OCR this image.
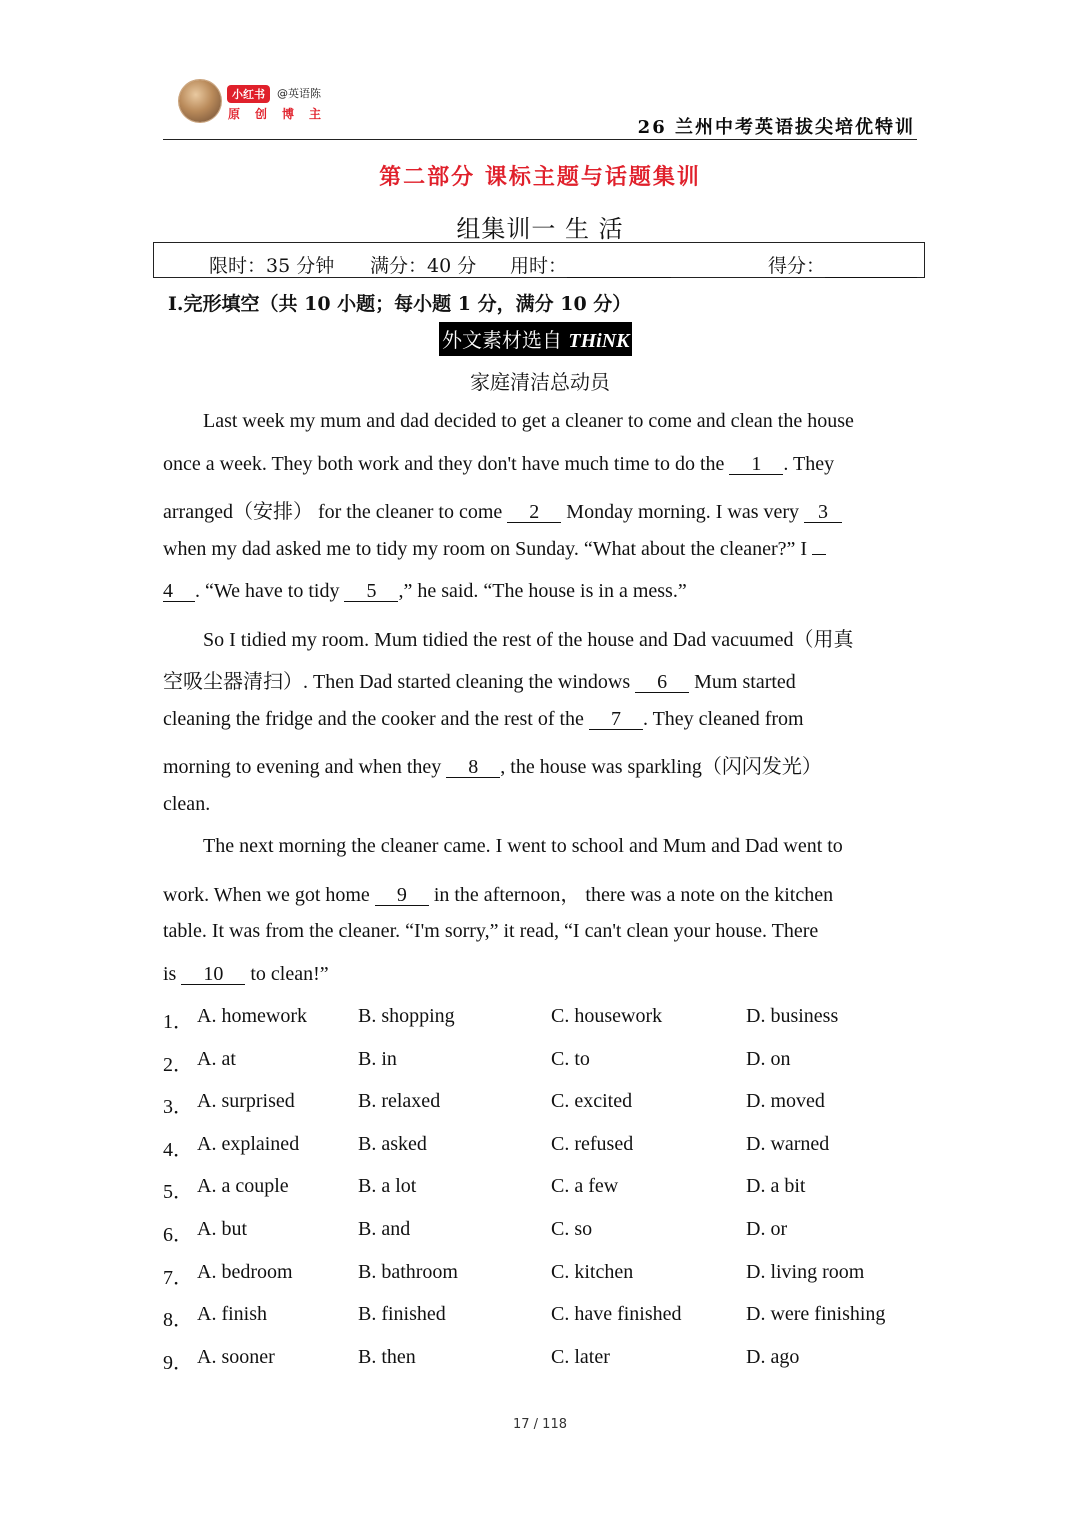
小红书	@英语陈
原创博主
26 兰州中考英语拔尖培优特训
第二部分 课标主题与话题集训
组集训一 生 活
限时：35 分钟 满分：40 分 用时：	得分：
Ⅰ.完形填空（共 10 小题；每小题 1 分，满分 10 分）
外文素材选自 THiNK
家庭清洁总动员
Last week my mum and dad decided to get a cleaner to come and clean the house
once a week. They both work and they don't have much time to do the 1 . They
arranged（安排） for the cleaner to come 2 Monday morning. I was very 3
when my dad asked me to tidy my room on Sunday. “What about the cleaner?” I
4 . “We have to tidy 5 ,” he said. “The house is in a mess.”
So I tidied my room. Mum tidied the rest of the house and Dad vacuumed（用真
空吸尘器清扫）. Then Dad started cleaning the windows 6 Mum started
cleaning the fridge and the cooker and the rest of the 7 . They cleaned from
morning to evening and when they 8 , the house was sparkling（闪闪发光）
clean.
The next morning the cleaner came. I went to school and Mum and Dad went to
work. When we got home 9 in the afternoon， there was a note on the kitchen
table. It was from the cleaner. “I'm sorry,” it read, “I can't clean your house. There
is 10 to clean!”
1． A. homework	B. shopping	C. housework	D. business
2． A. at	B. in	C. to	D. on
3． A. surprised	B. relaxed	C. excited	D. moved
4． A. explained	B. asked	C. refused	D. warned
5． A. a couple	B. a lot	C. a few	D. a bit
6． A. but	B. and	C. so	D. or
7． A. bedroom	B. bathroom	C. kitchen	D. living room
8． A. finish	B. finished	C. have finished	D. were finishing
9． A. sooner	B. then	C. later	D. ago
17 / 118
